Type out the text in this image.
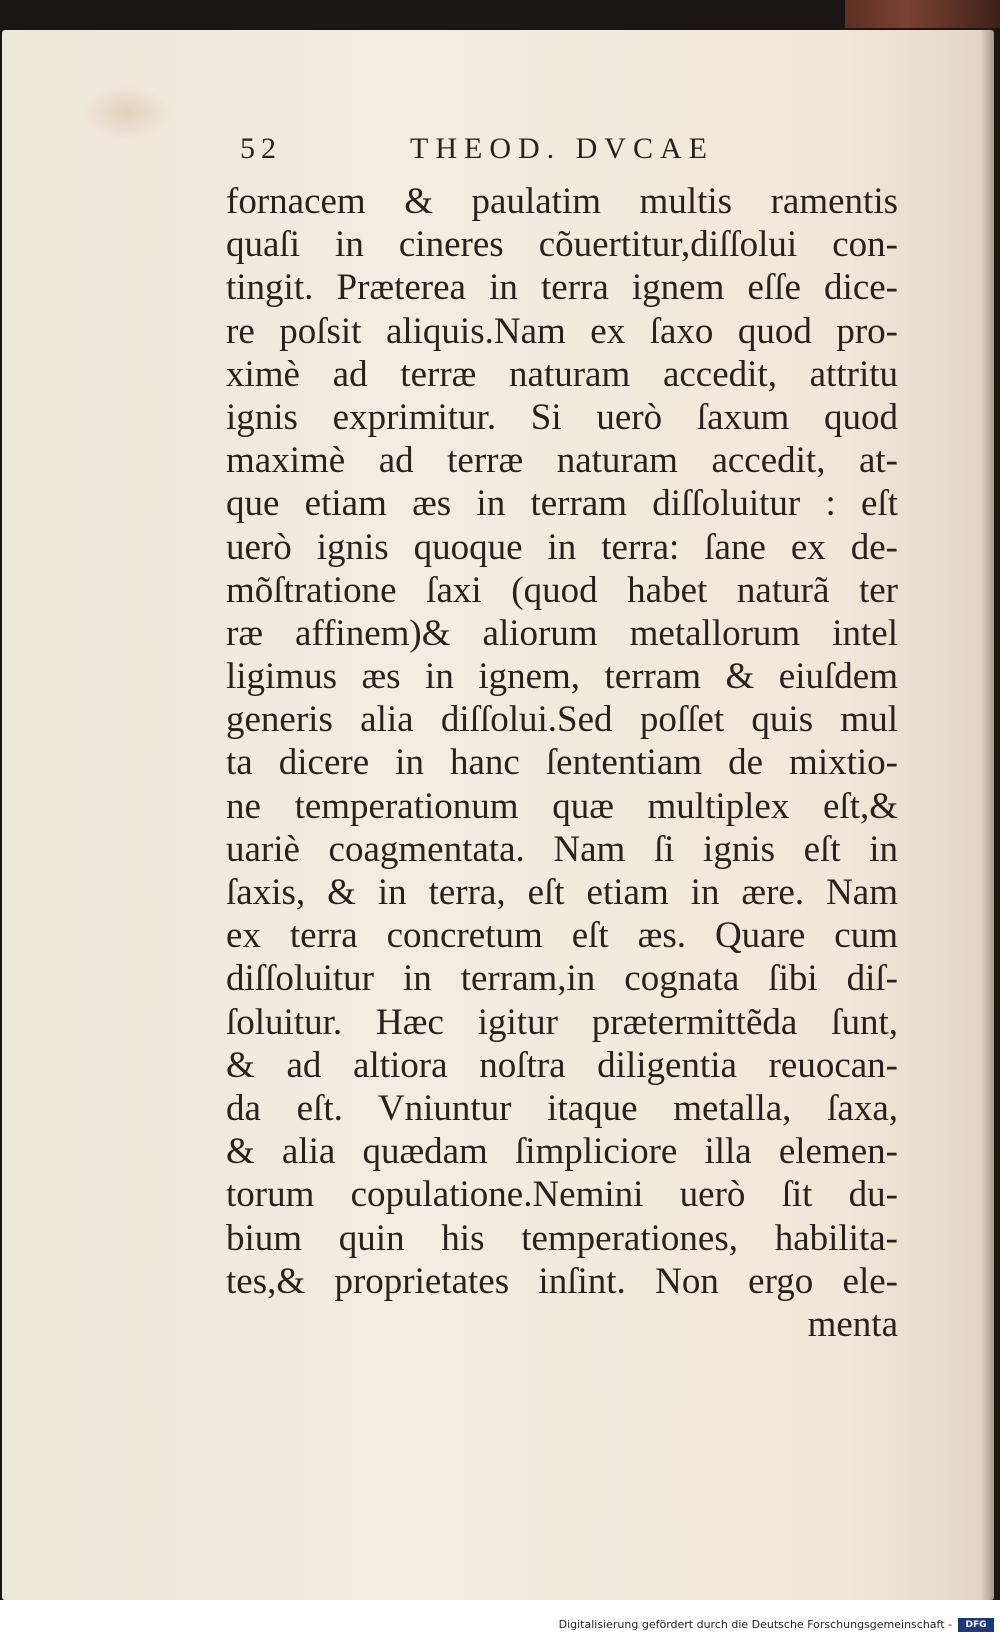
52	THEOD. DVCAE
fornacem & paulatim multis ramentis
quaſi in cineres cõuertitur,diſſolui con-
tingit. Præterea in terra ignem eſſe dice-
re poſsit aliquis.Nam ex ſaxo quod pro-
ximè ad terræ naturam accedit, attritu
ignis exprimitur. Si uerò ſaxum quod
maximè ad terræ naturam accedit, at-
que etiam æs in terram diſſoluitur : eſt
uerò ignis quoque in terra: ſane ex de-
mõſtratione ſaxi (quod habet naturã ter
ræ affinem)& aliorum metallorum intel
ligimus æs in ignem, terram & eiuſdem
generis alia diſſolui.Sed poſſet quis mul
ta dicere in hanc ſententiam de mixtio-
ne temperationum quæ multiplex eſt,&
uariè coagmentata. Nam ſi ignis eſt in
ſaxis, & in terra, eſt etiam in ære. Nam
ex terra concretum eſt æs. Quare cum
diſſoluitur in terram,in cognata ſibi diſ-
ſoluitur. Hæc igitur prætermittẽda ſunt,
& ad altiora noſtra diligentia reuocan-
da eſt. Vniuntur itaque metalla, ſaxa,
& alia quædam ſimpliciore illa elemen-
torum copulatione.Nemini uerò ſit du-
bium quin his temperationes, habilita-
tes,& proprietates inſint. Non ergo ele-
menta
Digitalisierung gefördert durch die Deutsche Forschungsgemeinschaft -	DFG
